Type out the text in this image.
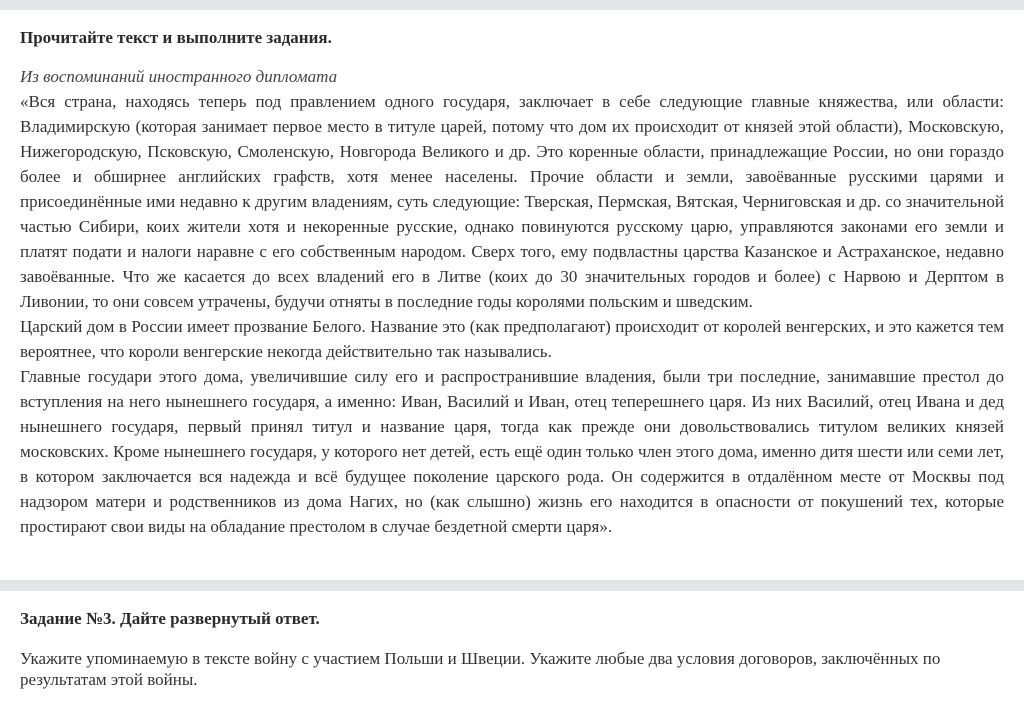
Прочитайте текст и выполните задания.

Из воспоминаний иностранного дипломата

«Вся страна, находясь теперь под правлением одного государя, заключает в себе следующие главные княжества, или области: Владимирскую (которая занимает первое место в титуле царей, потому что дом их происходит от князей этой области), Московскую, Нижегородскую, Псковскую, Смоленскую, Новгорода Великого и др. Это коренные области, принадлежащие России, но они гораздо более и обширнее английских графств, хотя менее населены. Прочие области и земли, завоёванные русскими царями и присоединённые ими недавно к другим владениям, суть следующие: Тверская, Пермская, Вятская, Черниговская и др. со значительной частью Сибири, коих жители хотя и некоренные русские, однако повинуются русскому царю, управляются законами его земли и платят подати и налоги наравне с его собственным народом. Сверх того, ему подвластны царства Казанское и Астраханское, недавно завоёванные. Что же касается до всех владений его в Литве (коих до 30 значительных городов и более) с Нарвою и Дерптом в Ливонии, то они совсем утрачены, будучи отняты в последние годы королями польским и шведским.

Царский дом в России имеет прозвание Белого. Название это (как предполагают) происходит от королей венгерских, и это кажется тем вероятнее, что короли венгерские некогда действительно так назывались.

Главные государи этого дома, увеличившие силу его и распространившие владения, были три последние, занимавшие престол до вступления на него нынешнего государя, а именно: Иван, Василий и Иван, отец теперешнего царя. Из них Василий, отец Ивана и дед нынешнего государя, первый принял титул и название царя, тогда как прежде они довольствовались титулом великих князей московских. Кроме нынешнего государя, у которого нет детей, есть ещё один только член этого дома, именно дитя шести или семи лет, в котором заключается вся надежда и всё будущее поколение царского рода. Он содержится в отдалённом месте от Москвы под надзором матери и родственников из дома Нагих, но (как слышно) жизнь его находится в опасности от покушений тех, которые простирают свои виды на обладание престолом в случае бездетной смерти царя».

Задание №3. Дайте развернутый ответ.

Укажите упоминаемую в тексте войну с участием Польши и Швеции. Укажите любые два условия договоров, заключённых по результатам этой войны.
